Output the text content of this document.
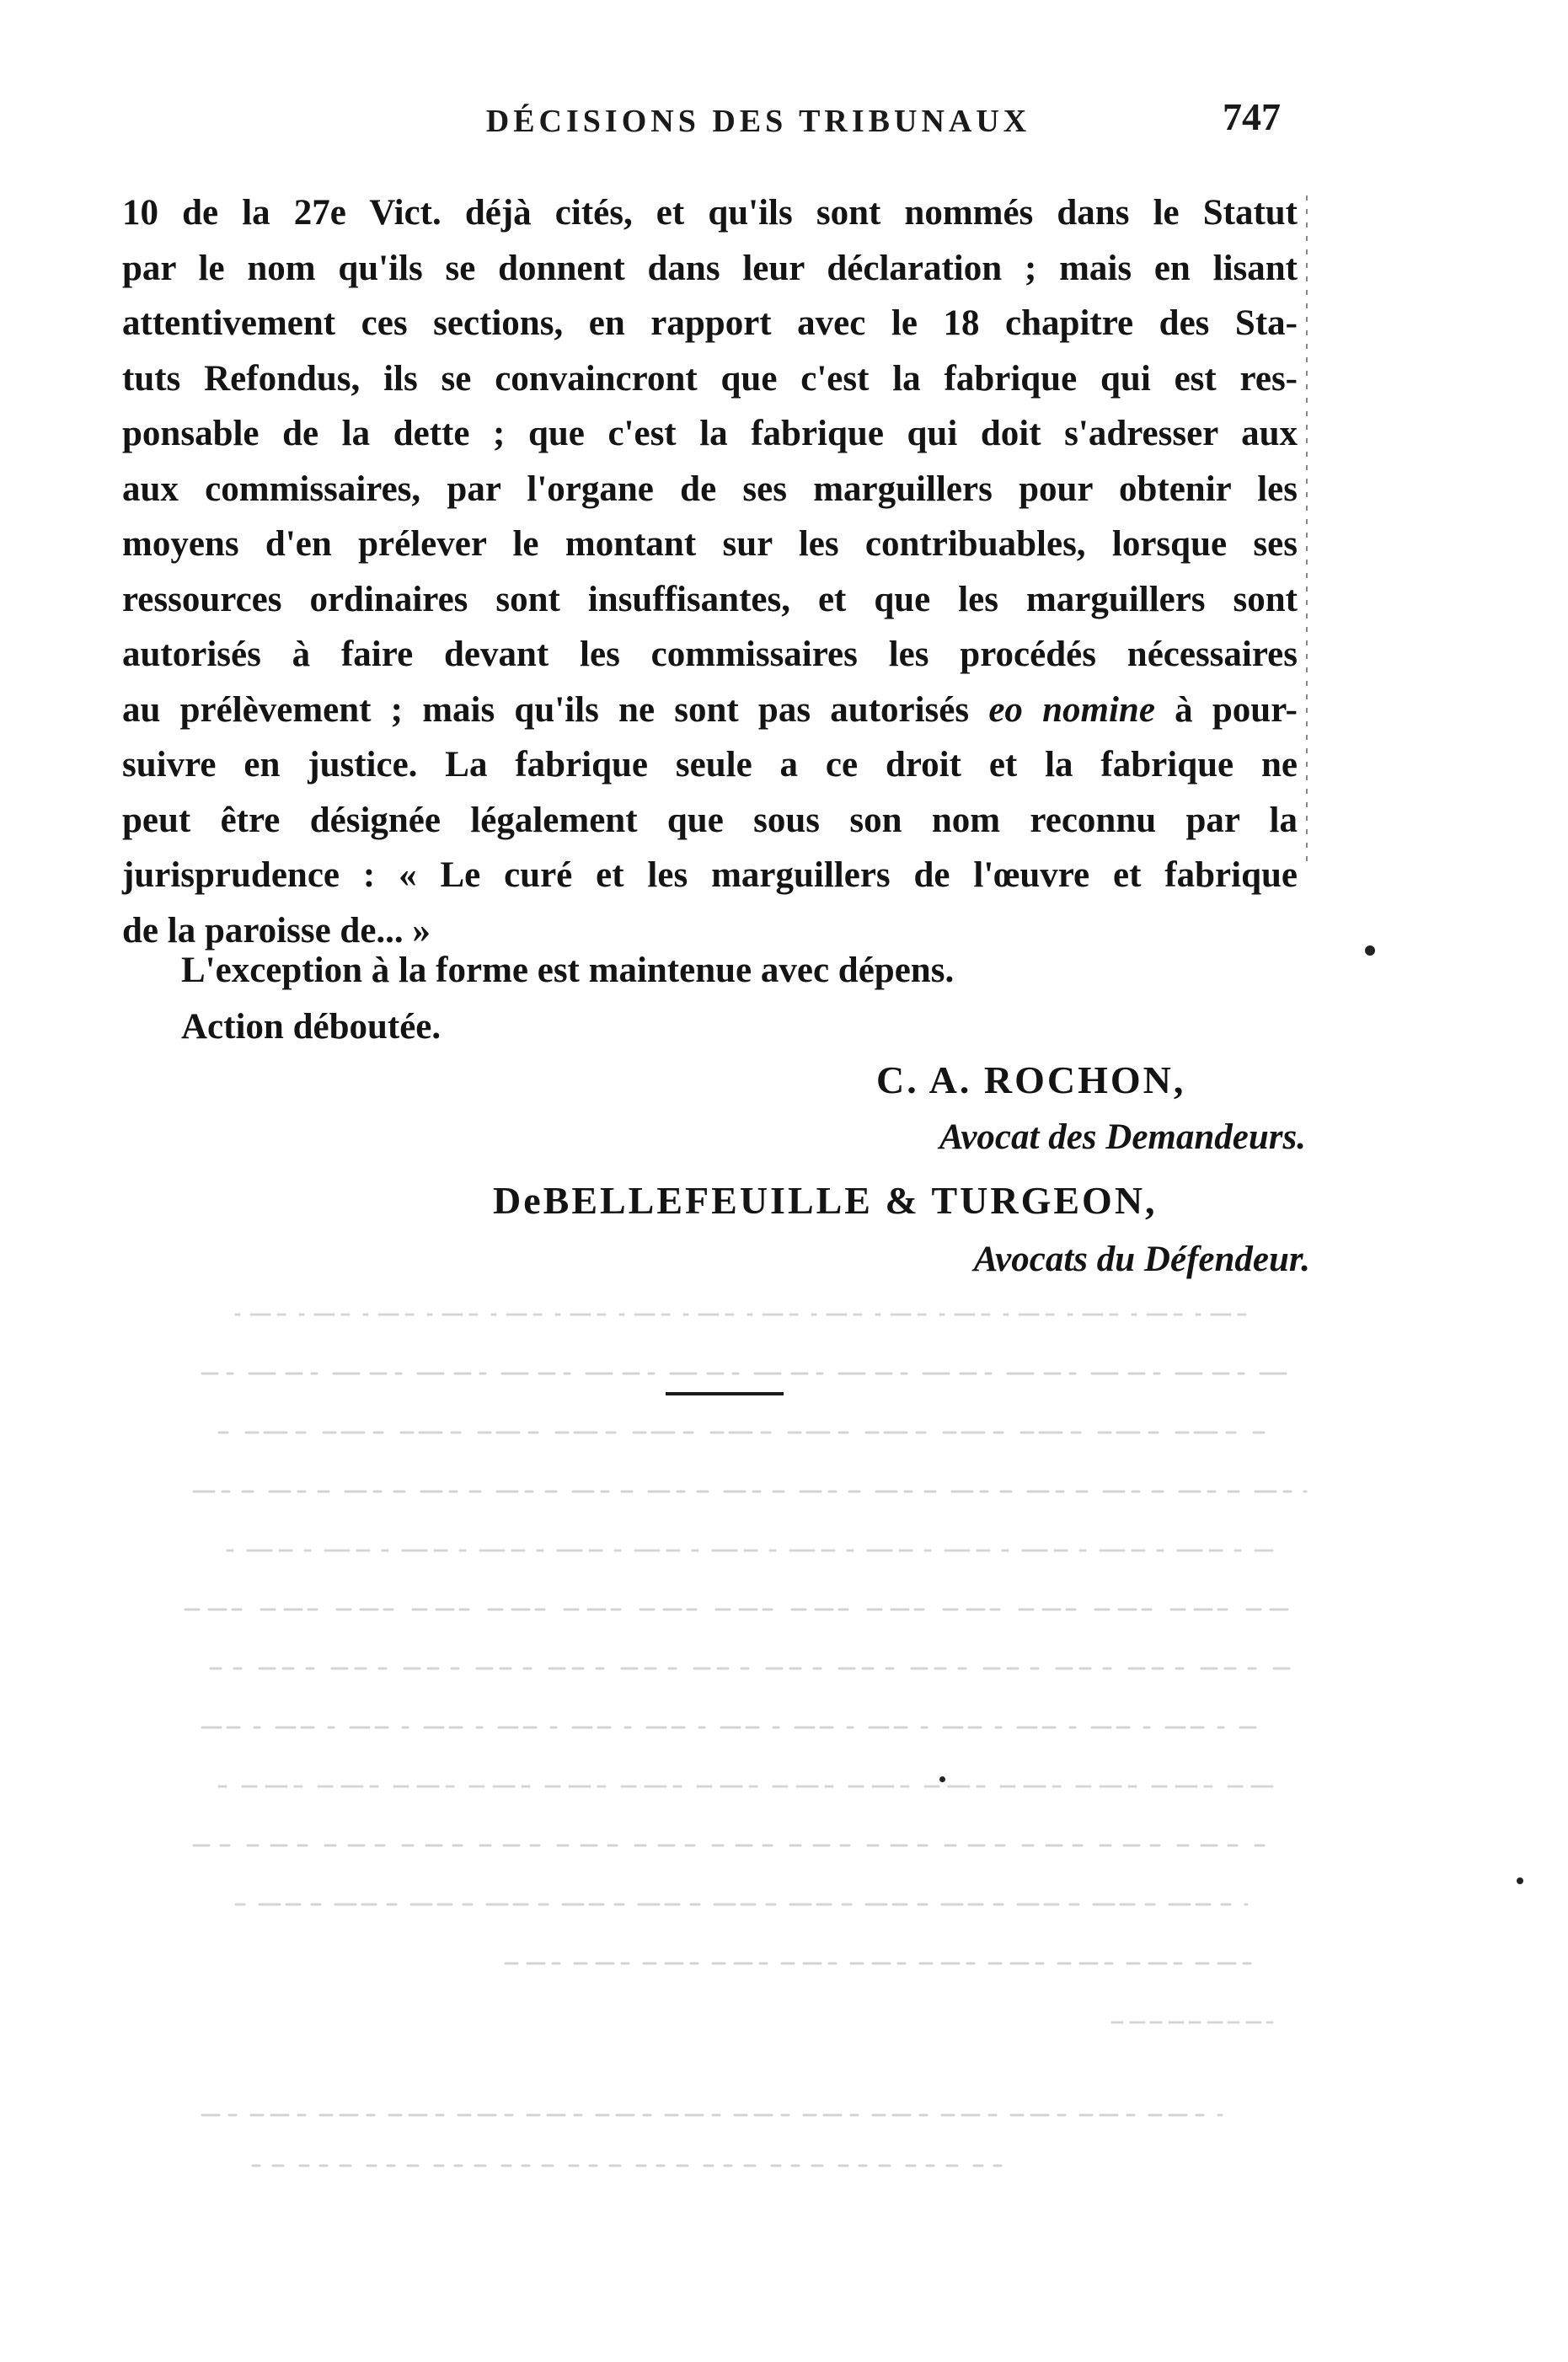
DÉCISIONS DES TRIBUNAUX	747
10 de la 27e Vict. déjà cités, et qu'ils sont nommés dans le Statut
par le nom qu'ils se donnent dans leur déclaration ; mais en lisant
attentivement ces sections, en rapport avec le 18 chapitre des Sta-
tuts Refondus, ils se convaincront que c'est la fabrique qui est res-
ponsable de la dette ; que c'est la fabrique qui doit s'adresser aux
aux commissaires, par l'organe de ses marguillers pour obtenir les
moyens d'en prélever le montant sur les contribuables, lorsque ses
ressources ordinaires sont insuffisantes, et que les marguillers sont
autorisés à faire devant les commissaires les procédés nécessaires
au prélèvement ; mais qu'ils ne sont pas autorisés eo nomine à pour-
suivre en justice. La fabrique seule a ce droit et la fabrique ne
peut être désignée légalement que sous son nom reconnu par la
jurisprudence : « Le curé et les marguillers de l'œuvre et fabrique
de la paroisse de... »
L'exception à la forme est maintenue avec dépens.
Action déboutée.
C. A. ROCHON,
Avocat des Demandeurs.
DeBELLEFEUILLE & TURGEON,
Avocats du Défendeur.
